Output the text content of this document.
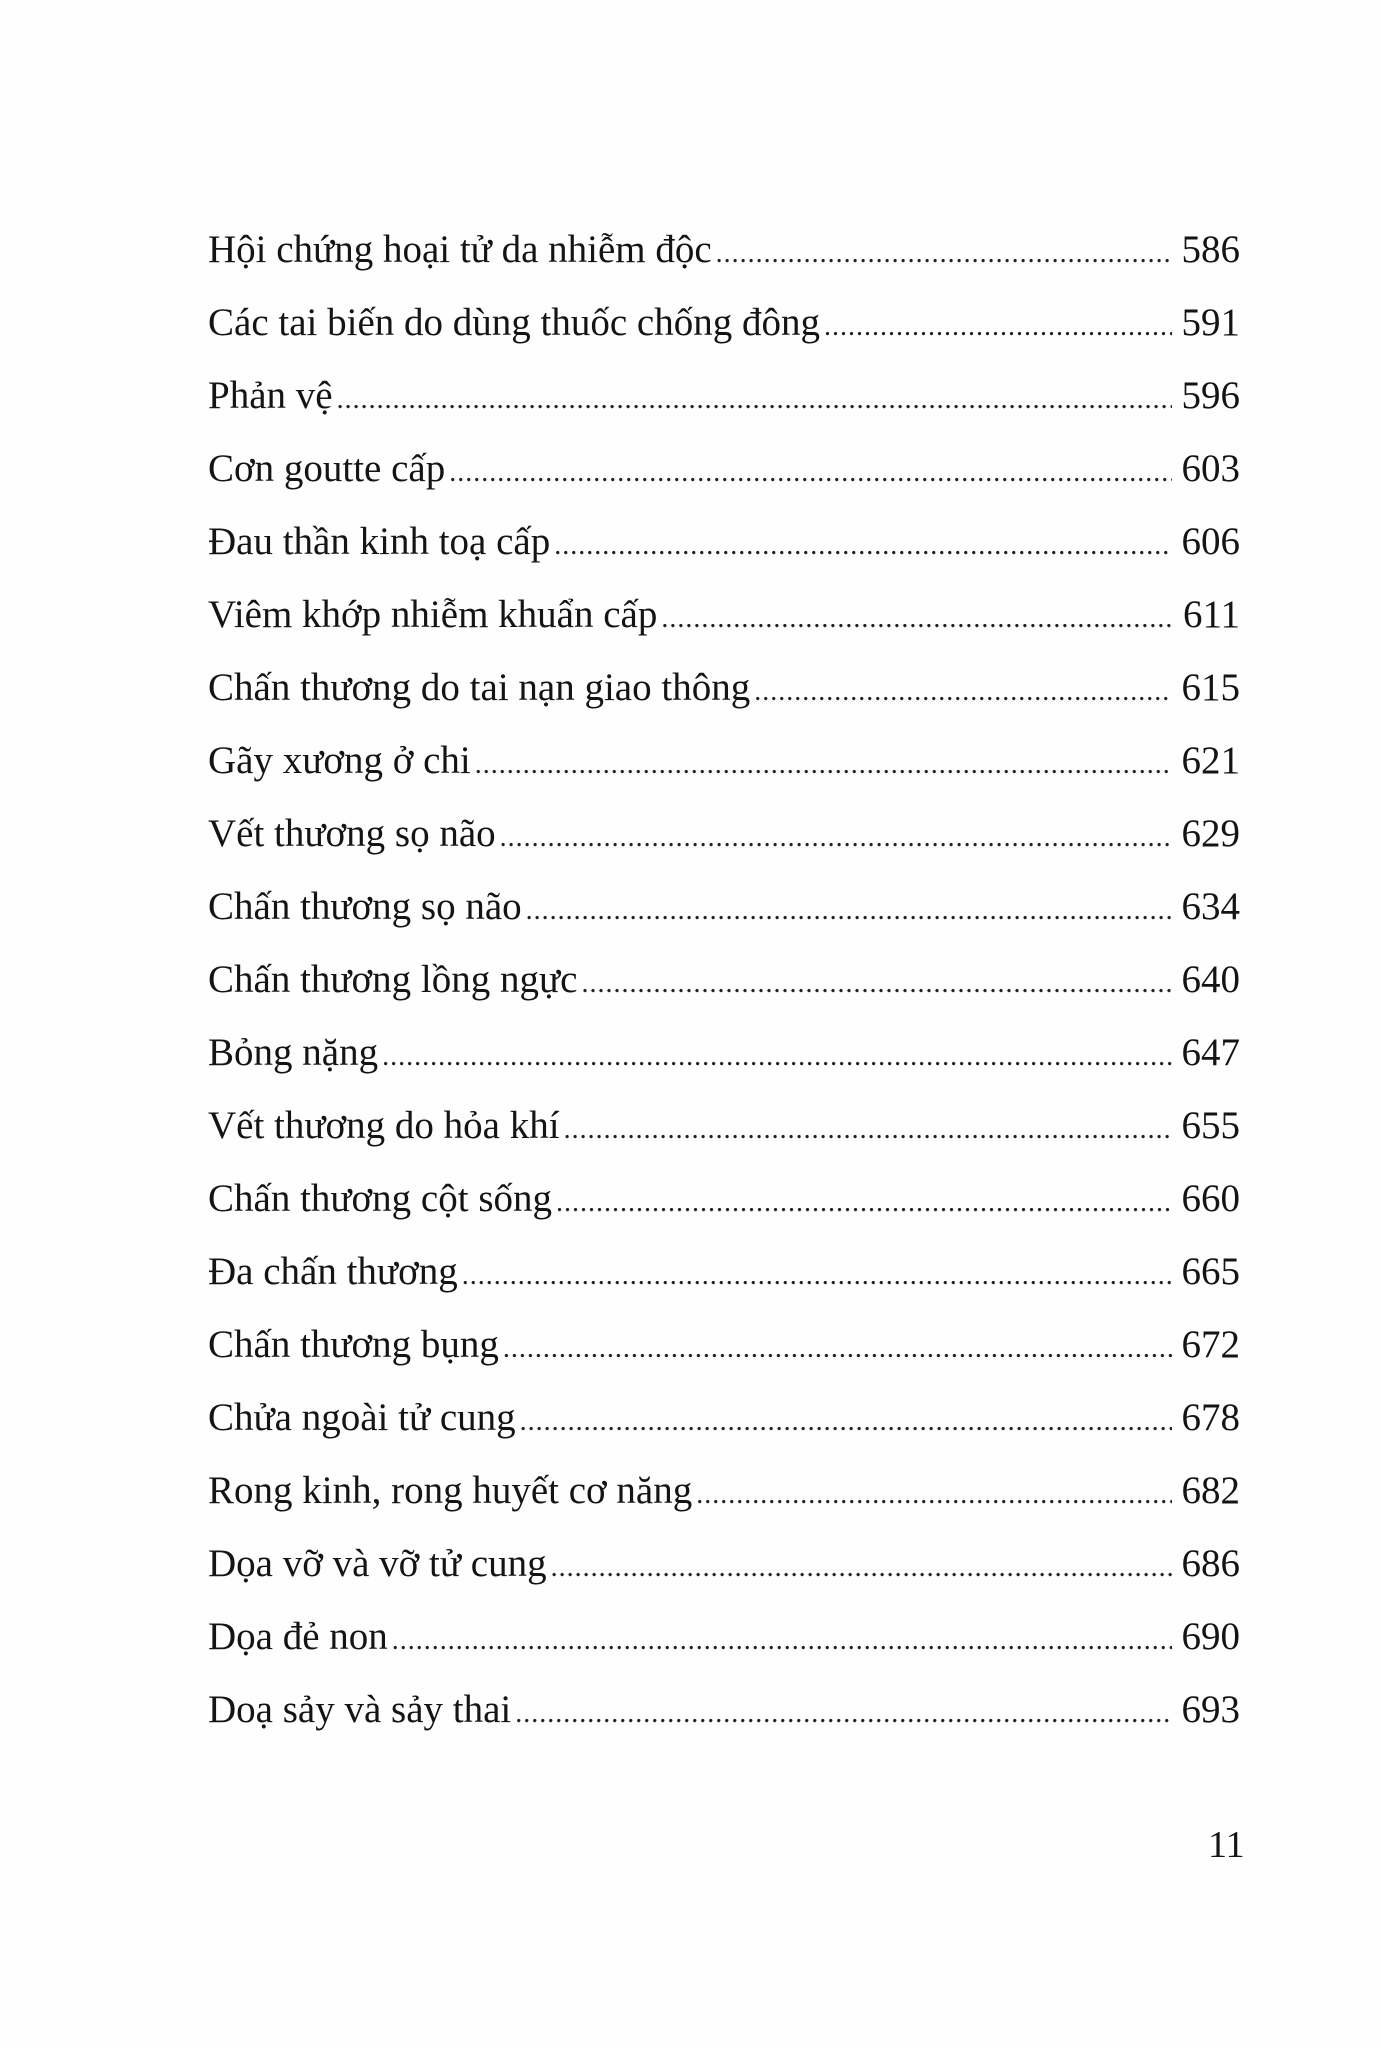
Hội chứng hoại tử da nhiễm độc .....	586
Các tai biến do dùng thuốc chống đông .....	591
Phản vệ .....	596
Cơn goutte cấp .....	603
Đau thần kinh toạ cấp .....	606
Viêm khớp nhiễm khuẩn cấp .....	611
Chấn thương do tai nạn giao thông .....	615
Gãy xương ở chi .....	621
Vết thương sọ não .....	629
Chấn thương sọ não .....	634
Chấn thương lồng ngực .....	640
Bỏng nặng .....	647
Vết thương do hỏa khí .....	655
Chấn thương cột sống .....	660
Đa chấn thương .....	665
Chấn thương bụng .....	672
Chửa ngoài tử cung .....	678
Rong kinh, rong huyết cơ năng .....	682
Dọa vỡ và vỡ tử cung .....	686
Dọa đẻ non .....	690
Doạ sảy và sảy thai .....	693
11
